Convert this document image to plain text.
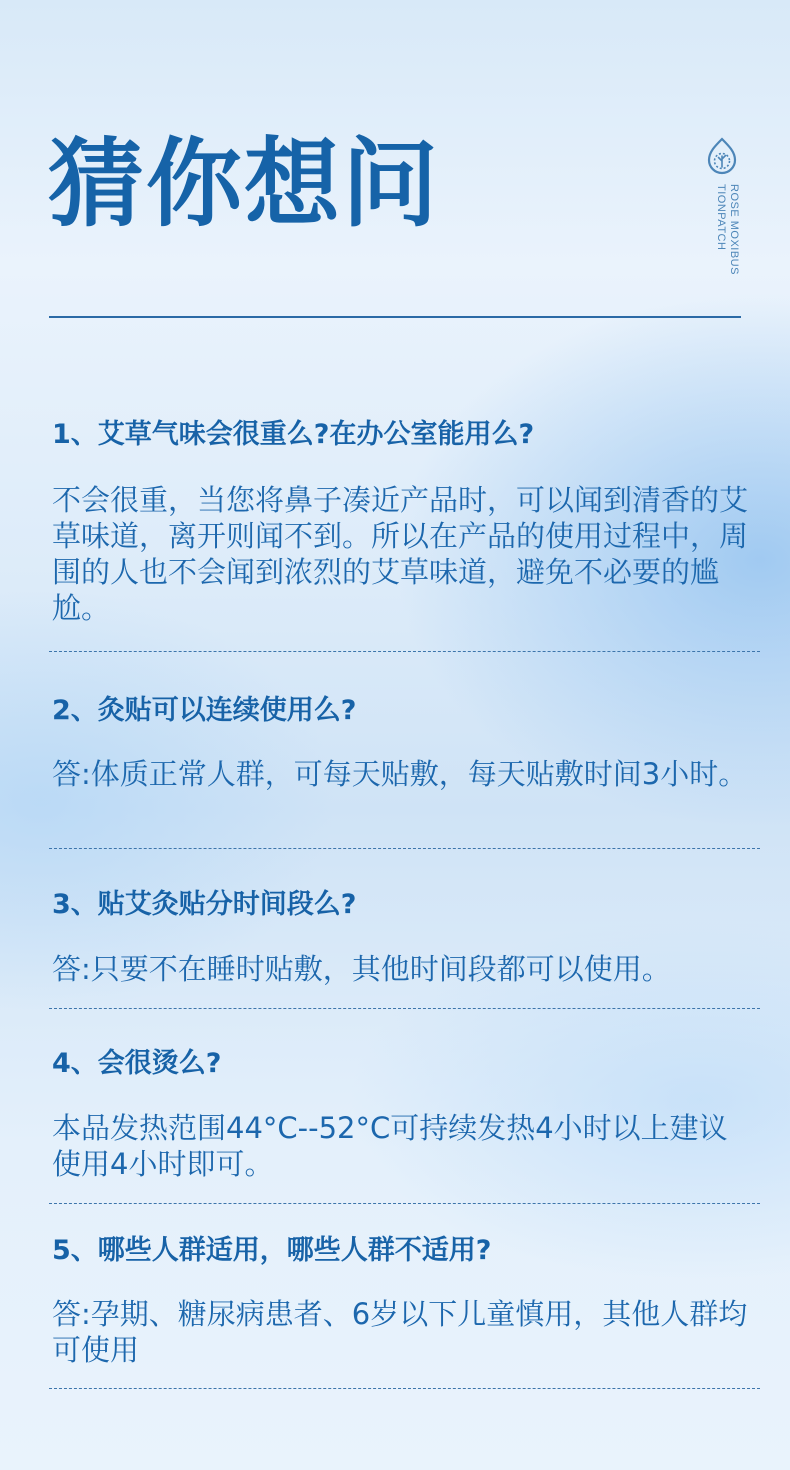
猜你想问	ROSE MOXIBUS
TIONPATCH
1、艾草气味会很重么?在办公室能用么?

不会很重，当您将鼻子凑近产品时，可以闻到清香的艾草味道，离开则闻不到。所以在产品的使用过程中，周围的人也不会闻到浓烈的艾草味道，避免不必要的尴尬。

2、灸贴可以连续使用么?

答:体质正常人群，可每天贴敷，每天贴敷时间3小时。

3、贴艾灸贴分时间段么?

答:只要不在睡时贴敷，其他时间段都可以使用。

4、会很烫么?

本品发热范围44°C--52°C可持续发热4小时以上建议使用4小时即可。

5、哪些人群适用，哪些人群不适用?

答:孕期、糖尿病患者、6岁以下儿童慎用，其他人群均可使用
